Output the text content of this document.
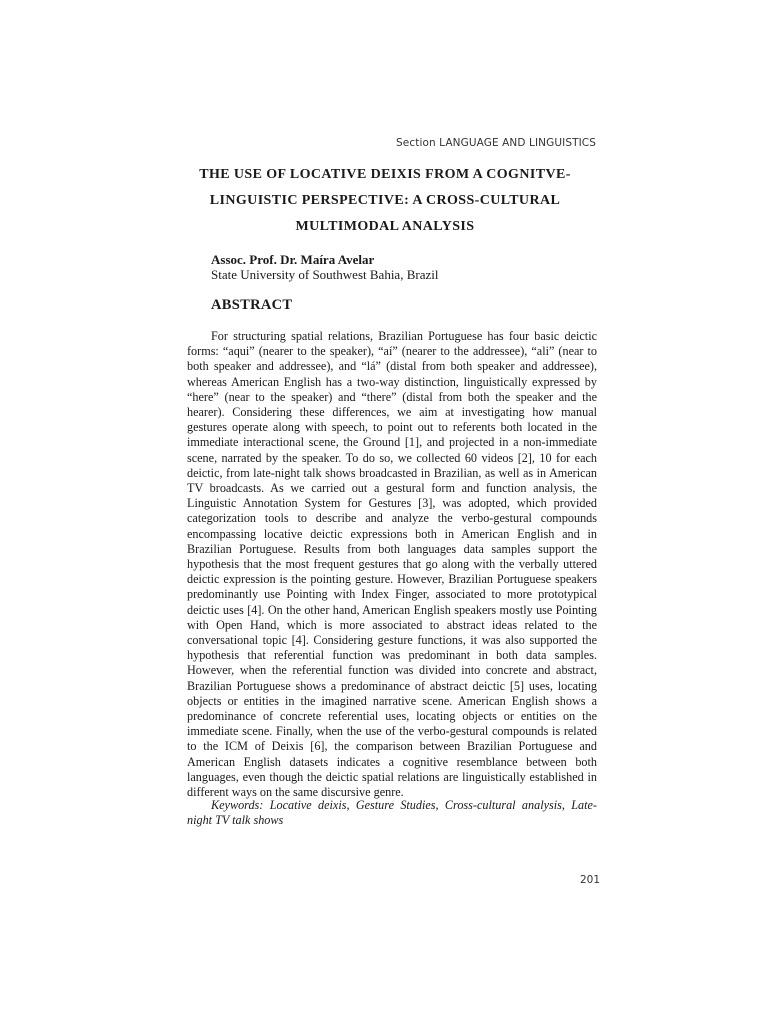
Section LANGUAGE AND LINGUISTICS
THE USE OF LOCATIVE DEIXIS FROM A COGNITVE-
LINGUISTIC PERSPECTIVE: A CROSS-CULTURAL
MULTIMODAL ANALYSIS
Assoc. Prof. Dr. Maíra Avelar
State University of Southwest Bahia, Brazil
ABSTRACT

For structuring spatial relations, Brazilian Portuguese has four basic deictic forms: “aqui” (nearer to the speaker), “aí” (nearer to the addressee), “ali” (near to both speaker and addressee), and “lá” (distal from both speaker and addressee), whereas American English has a two-way distinction, linguistically expressed by “here” (near to the speaker) and “there” (distal from both the speaker and the hearer). Considering these differences, we aim at investigating how manual gestures operate along with speech, to point out to referents both located in the immediate interactional scene, the Ground [1], and projected in a non-immediate scene, narrated by the speaker. To do so, we collected 60 videos [2], 10 for each deictic, from late-night talk shows broadcasted in Brazilian, as well as in American TV broadcasts. As we carried out a gestural form and function analysis, the Linguistic Annotation System for Gestures [3], was adopted, which provided categorization tools to describe and analyze the verbo-gestural compounds encompassing locative deictic expressions both in American English and in Brazilian Portuguese. Results from both languages data samples support the hypothesis that the most frequent gestures that go along with the verbally uttered deictic expression is the pointing gesture. However, Brazilian Portuguese speakers predominantly use Pointing with Index Finger, associated to more prototypical deictic uses [4]. On the other hand, American English speakers mostly use Pointing with Open Hand, which is more associated to abstract ideas related to the conversational topic [4]. Considering gesture functions, it was also supported the hypothesis that referential function was predominant in both data samples. However, when the referential function was divided into concrete and abstract, Brazilian Portuguese shows a predominance of abstract deictic [5] uses, locating objects or entities in the imagined narrative scene. American English shows a predominance of concrete referential uses, locating objects or entities on the immediate scene. Finally, when the use of the verbo-gestural compounds is related to the ICM of Deixis [6], the comparison between Brazilian Portuguese and American English datasets indicates a cognitive resemblance between both languages, even though the deictic spatial relations are linguistically established in different ways on the same discursive genre.

Keywords: Locative deixis, Gesture Studies, Cross-cultural analysis, Late-night TV talk shows

201
